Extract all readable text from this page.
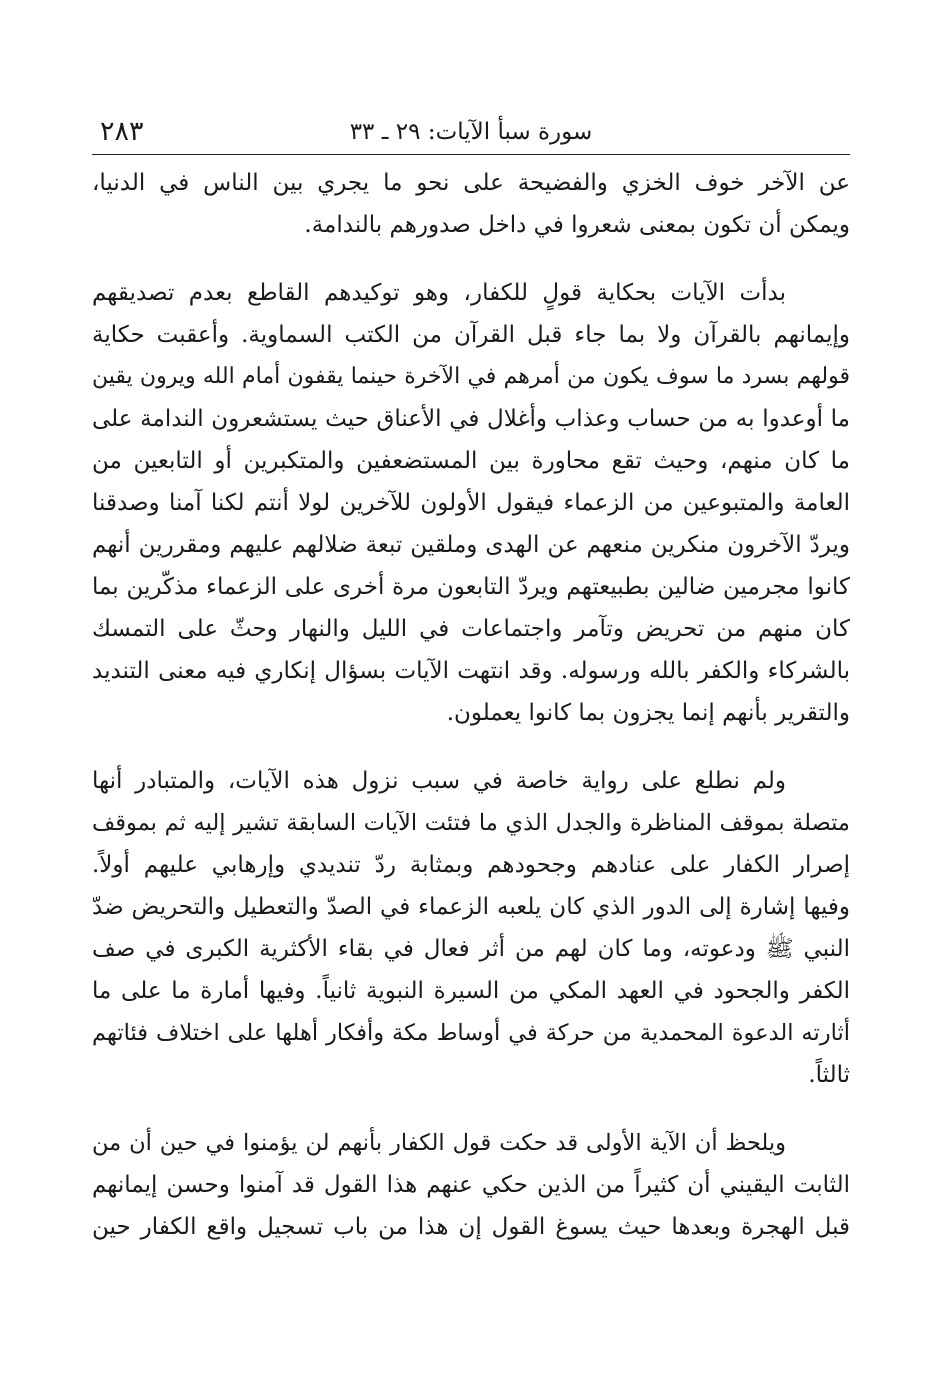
سورة سبأ الآيات: ٢٩ ـ ٣٣
٢٨٣
عن الآخر خوف الخزي والفضيحة على نحو ما يجري بين الناس في الدنيا،
ويمكن أن تكون بمعنى شعروا في داخل صدورهم بالندامة.
بدأت الآيات بحكاية قولٍ للكفار، وهو توكيدهم القاطع بعدم تصديقهم
وإيمانهم بالقرآن ولا بما جاء قبل القرآن من الكتب السماوية. وأعقبت حكاية
قولهم بسرد ما سوف يكون من أمرهم في الآخرة حينما يقفون أمام الله ويرون يقين
ما أوعدوا به من حساب وعذاب وأغلال في الأعناق حيث يستشعرون الندامة على
ما كان منهم، وحيث تقع محاورة بين المستضعفين والمتكبرين أو التابعين من
العامة والمتبوعين من الزعماء فيقول الأولون للآخرين لولا أنتم لكنا آمنا وصدقنا
ويردّ الآخرون منكرين منعهم عن الهدى وملقين تبعة ضلالهم عليهم ومقررين أنهم
كانوا مجرمين ضالين بطبيعتهم ويردّ التابعون مرة أخرى على الزعماء مذكّرين بما
كان منهم من تحريض وتآمر واجتماعات في الليل والنهار وحثّ على التمسك
بالشركاء والكفر بالله ورسوله. وقد انتهت الآيات بسؤال إنكاري فيه معنى التنديد
والتقرير بأنهم إنما يجزون بما كانوا يعملون.
ولم نطلع على رواية خاصة في سبب نزول هذه الآيات، والمتبادر أنها
متصلة بموقف المناظرة والجدل الذي ما فتئت الآيات السابقة تشير إليه ثم بموقف
إصرار الكفار على عنادهم وجحودهم وبمثابة ردّ تنديدي وإرهابي عليهم أولاً.
وفيها إشارة إلى الدور الذي كان يلعبه الزعماء في الصدّ والتعطيل والتحريض ضدّ
النبي ﷺ ودعوته، وما كان لهم من أثر فعال في بقاء الأكثرية الكبرى في صف
الكفر والجحود في العهد المكي من السيرة النبوية ثانياً. وفيها أمارة ما على ما
أثارته الدعوة المحمدية من حركة في أوساط مكة وأفكار أهلها على اختلاف فئاتهم
ثالثاً.
ويلحظ أن الآية الأولى قد حكت قول الكفار بأنهم لن يؤمنوا في حين أن من
الثابت اليقيني أن كثيراً من الذين حكي عنهم هذا القول قد آمنوا وحسن إيمانهم
قبل الهجرة وبعدها حيث يسوغ القول إن هذا من باب تسجيل واقع الكفار حين
